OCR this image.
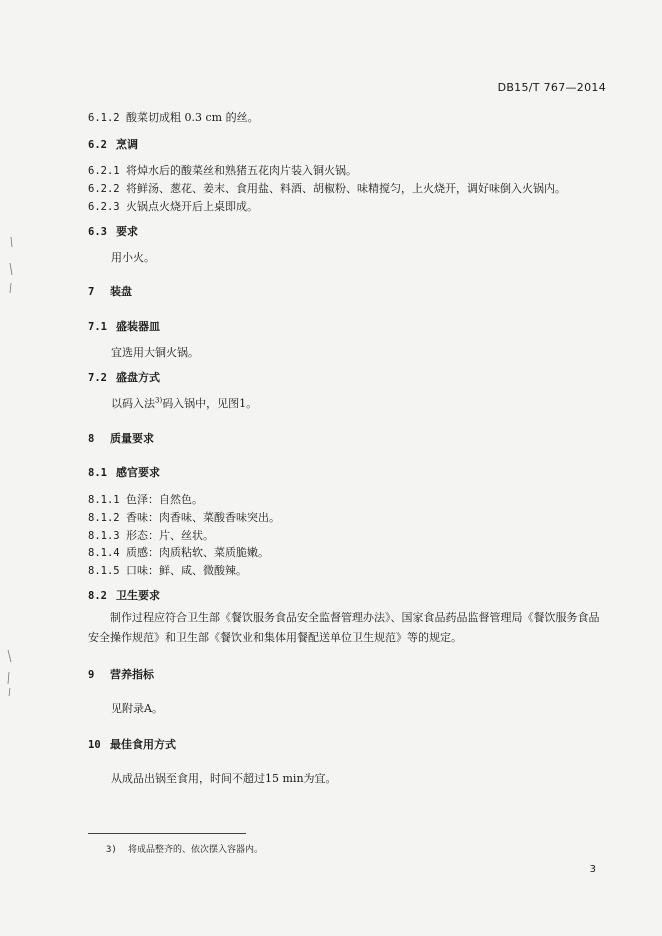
DB15/T 767—2014
6.1.2 酸菜切成粗 0.3 cm 的丝。
6.2 烹调
6.2.1 将焯水后的酸菜丝和熟猪五花肉片装入铜火锅。
6.2.2 将鲜汤、葱花、姜末、食用盐、料酒、胡椒粉、味精搅匀，上火烧开，调好味倒入火锅内。
6.2.3 火锅点火烧开后上桌即成。
6.3 要求
用小火。
7 装盘
7.1 盛装器皿
宜选用大铜火锅。
7.2 盛盘方式
以码入法$^{3)}$码入锅中，见图1。
8 质量要求
8.1 感官要求
8.1.1 色泽：自然色。
8.1.2 香味：肉香味、菜酸香味突出。
8.1.3 形态：片、丝状。
8.1.4 质感：肉质粘软、菜质脆嫩。
8.1.5 口味：鲜、咸、微酸辣。
8.2 卫生要求
制作过程应符合卫生部《餐饮服务食品安全监督管理办法》、国家食品药品监督管理局《餐饮服务食品安全操作规范》和卫生部《餐饮业和集体用餐配送单位卫生规范》等的规定。
9 营养指标
见附录A。
10 最佳食用方式
从成品出锅至食用，时间不超过15 min为宜。
3) 将成品整齐的、依次摆入容器内。
3
